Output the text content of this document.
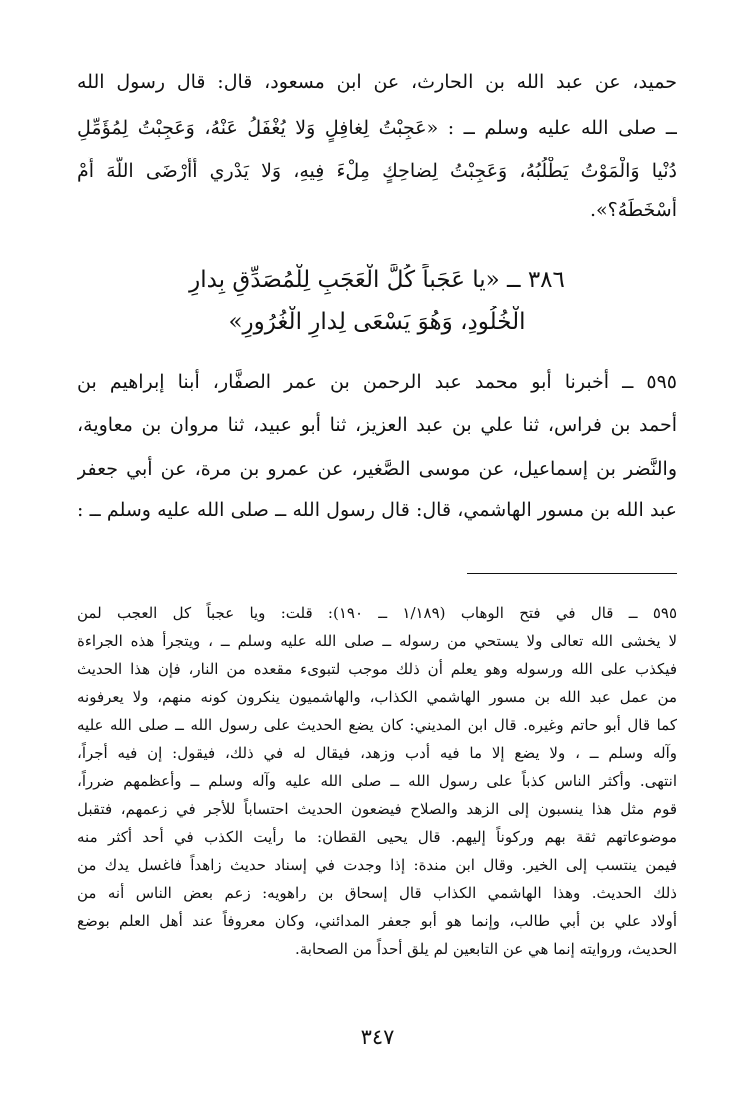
حميد، عن عبد الله بن الحارث، عن ابن مسعود، قال: قال رسول الله
ــ صلى الله عليه وسلم ــ : «عَجِبْتُ لِغافِلٍ وَلا يُغْفَلُ عَنْهُ، وَعَجِبْتُ لِمُؤَمِّلِ
دُنْيا وَالْمَوْتُ يَطْلُبُهُ، وَعَجِبْتُ لِضاحِكٍ مِلْءَ فِيهِ، وَلا يَدْري أَأَرْضَى اللَّهَ أَمْ
أَسْخَطَهُ؟».
٣٨٦ ــ «يا عَجَباً كُلَّ الْعَجَبِ لِلْمُصَدِّقِ بِدارِ
الْخُلُودِ، وَهُوَ يَسْعَى لِدارِ الْغُرُورِ»
٥٩٥ ــ أخبرنا أبو محمد عبد الرحمن بن عمر الصفَّار، أبنا إبراهيم بن
أحمد بن فراس، ثنا علي بن عبد العزيز، ثنا أبو عبيد، ثنا مروان بن معاوية،
والنَّضر بن إسماعيل، عن موسى الصَّغير، عن عمرو بن مرة، عن أبي جعفر
عبد الله بن مسور الهاشمي، قال: قال رسول الله ــ صلى الله عليه وسلم ــ :
٥٩٥ ــ قال في فتح الوهاب (١/١٨٩ ــ ١٩٠): قلت: ويا عجباً كل العجب لمن
لا يخشى الله تعالى ولا يستحي من رسوله ــ صلى الله عليه وسلم ــ ، ويتجرأ هذه الجراءة
فيكذب على الله ورسوله وهو يعلم أن ذلك موجب لتبوىء مقعده من النار، فإن هذا الحديث
من عمل عبد الله بن مسور الهاشمي الكذاب، والهاشميون ينكرون كونه منهم، ولا يعرفونه
كما قال أبو حاتم وغيره. قال ابن المديني: كان يضع الحديث على رسول الله ــ صلى الله عليه
وآله وسلم ــ ، ولا يضع إلا ما فيه أدب وزهد، فيقال له في ذلك، فيقول: إن فيه أجراً،
انتهى. وأكثر الناس كذباً على رسول الله ــ صلى الله عليه وآله وسلم ــ وأعظمهم ضرراً،
قوم مثل هذا ينسبون إلى الزهد والصلاح فيضعون الحديث احتساباً للأجر في زعمهم، فتقبل
موضوعاتهم ثقة بهم وركوناً إليهم. قال يحيى القطان: ما رأيت الكذب في أحد أكثر منه
فيمن ينتسب إلى الخير. وقال ابن مندة: إذا وجدت في إسناد حديث زاهداً فاغسل يدك من
ذلك الحديث. وهذا الهاشمي الكذاب قال إسحاق بن راهويه: زعم بعض الناس أنه من
أولاد علي بن أبي طالب، وإنما هو أبو جعفر المدائني، وكان معروفاً عند أهل العلم بوضع
الحديث، وروايته إنما هي عن التابعين لم يلق أحداً من الصحابة.
٣٤٧
